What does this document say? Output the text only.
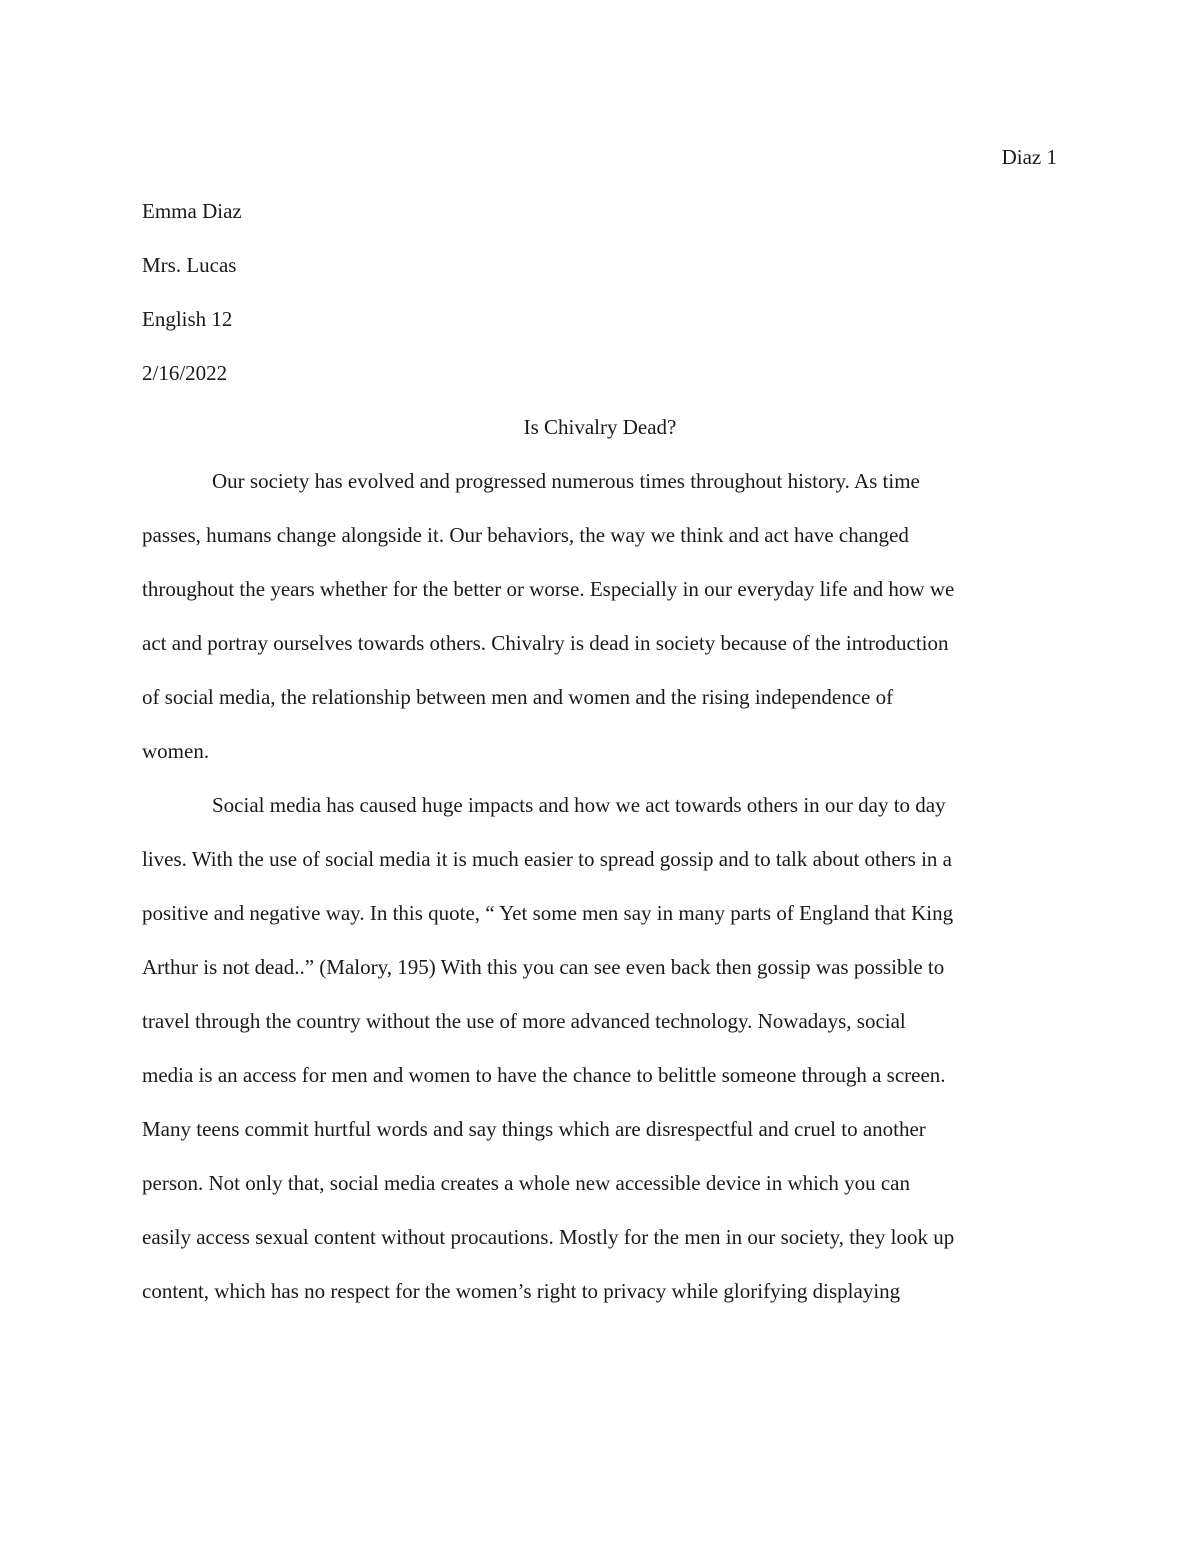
Diaz 1
Emma Diaz
Mrs. Lucas
English 12
2/16/2022
Is Chivalry Dead?
Our society has evolved and progressed numerous times throughout history. As time
passes, humans change alongside it. Our behaviors, the way we think and act have changed
throughout the years whether for the better or worse. Especially in our everyday life and how we
act and portray ourselves towards others. Chivalry is dead in society because of the introduction
of social media, the relationship between men and women and the rising independence of
women.
Social media has caused huge impacts and how we act towards others in our day to day
lives. With the use of social media it is much easier to spread gossip and to talk about others in a
positive and negative way. In this quote, “ Yet some men say in many parts of England that King
Arthur is not dead..” (Malory, 195) With this you can see even back then gossip was possible to
travel through the country without the use of more advanced technology. Nowadays, social
media is an access for men and women to have the chance to belittle someone through a screen.
Many teens commit hurtful words and say things which are disrespectful and cruel to another
person. Not only that, social media creates a whole new accessible device in which you can
easily access sexual content without procautions. Mostly for the men in our society, they look up
content, which has no respect for the women’s right to privacy while glorifying displaying
